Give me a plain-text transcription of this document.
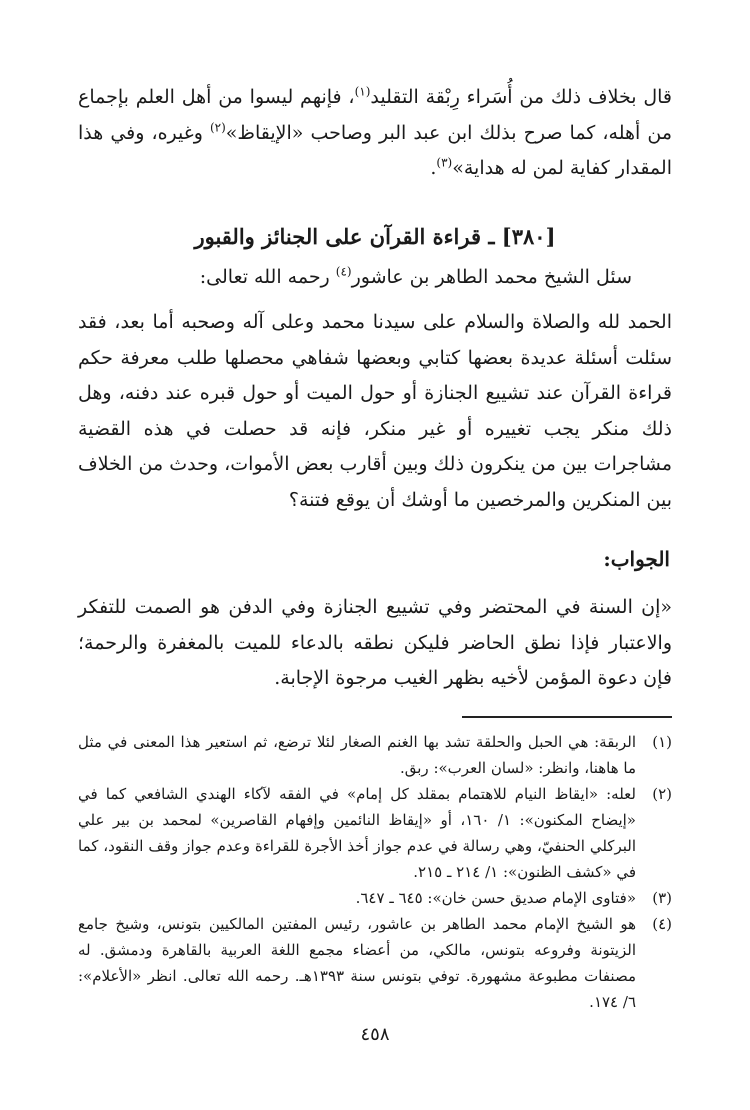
قال بخلاف ذلك من أُسَراء رِبْقة التقليد$^{(١)}$، فإنهم ليسوا من أهل العلم بإجماع من أهله، كما صرح بذلك ابن عبد البر وصاحب «الإيقاظ»$^{(٢)}$ وغيره، وفي هذا المقدار كفاية لمن له هداية»$^{(٣)}$.

[٣٨٠] ـ قراءة القرآن على الجنائز والقبور
سئل الشيخ محمد الطاهر بن عاشور$^{(٤)}$ رحمه الله تعالى:

الحمد لله والصلاة والسلام على سيدنا محمد وعلى آله وصحبه أما بعد، فقد سئلت أسئلة عديدة بعضها كتابي وبعضها شفاهي محصلها طلب معرفة حكم قراءة القرآن عند تشييع الجنازة أو حول الميت أو حول قبره عند دفنه، وهل ذلك منكر يجب تغييره أو غير منكر، فإنه قد حصلت في هذه القضية مشاجرات بين من ينكرون ذلك وبين أقارب بعض الأموات، وحدث من الخلاف بين المنكرين والمرخصين ما أوشك أن يوقع فتنة؟

الجواب:

«إن السنة في المحتضر وفي تشييع الجنازة وفي الدفن هو الصمت للتفكر والاعتبار فإذا نطق الحاضر فليكن نطقه بالدعاء للميت بالمغفرة والرحمة؛ فإن دعوة المؤمن لأخيه بظهر الغيب مرجوة الإجابة.

(١)
الربقة: هي الحبل والحلقة تشد بها الغنم الصغار لئلا ترضع، ثم استعير هذا المعنى في مثل ما هاهنا، وانظر: «لسان العرب»: ربق.
(٢)
لعله: «ايقاظ النيام للاهتمام بمقلد كل إمام» في الفقه لآكاء الهندي الشافعي كما في «إيضاح المكنون»: ١/ ١٦٠، أو «إيقاظ النائمين وإفهام القاصرين» لمحمد بن بير علي البركلي الحنفيّ، وهي رسالة في عدم جواز أخذ الأجرة للقراءة وعدم جواز وقف النقود، كما في «كشف الظنون»: ١/ ٢١٤ ـ ٢١٥.
(٣)
«فتاوى الإمام صديق حسن خان»: ٦٤٥ ـ ٦٤٧.
(٤)
هو الشيخ الإمام محمد الطاهر بن عاشور، رئيس المفتين المالكيين بتونس، وشيخ جامع الزيتونة وفروعه بتونس، مالكي، من أعضاء مجمع اللغة العربية بالقاهرة ودمشق. له مصنفات مطبوعة مشهورة. توفي بتونس سنة ١٣٩٣هـ. رحمه الله تعالى. انظر «الأعلام»: ٦/ ١٧٤.
٤٥٨
